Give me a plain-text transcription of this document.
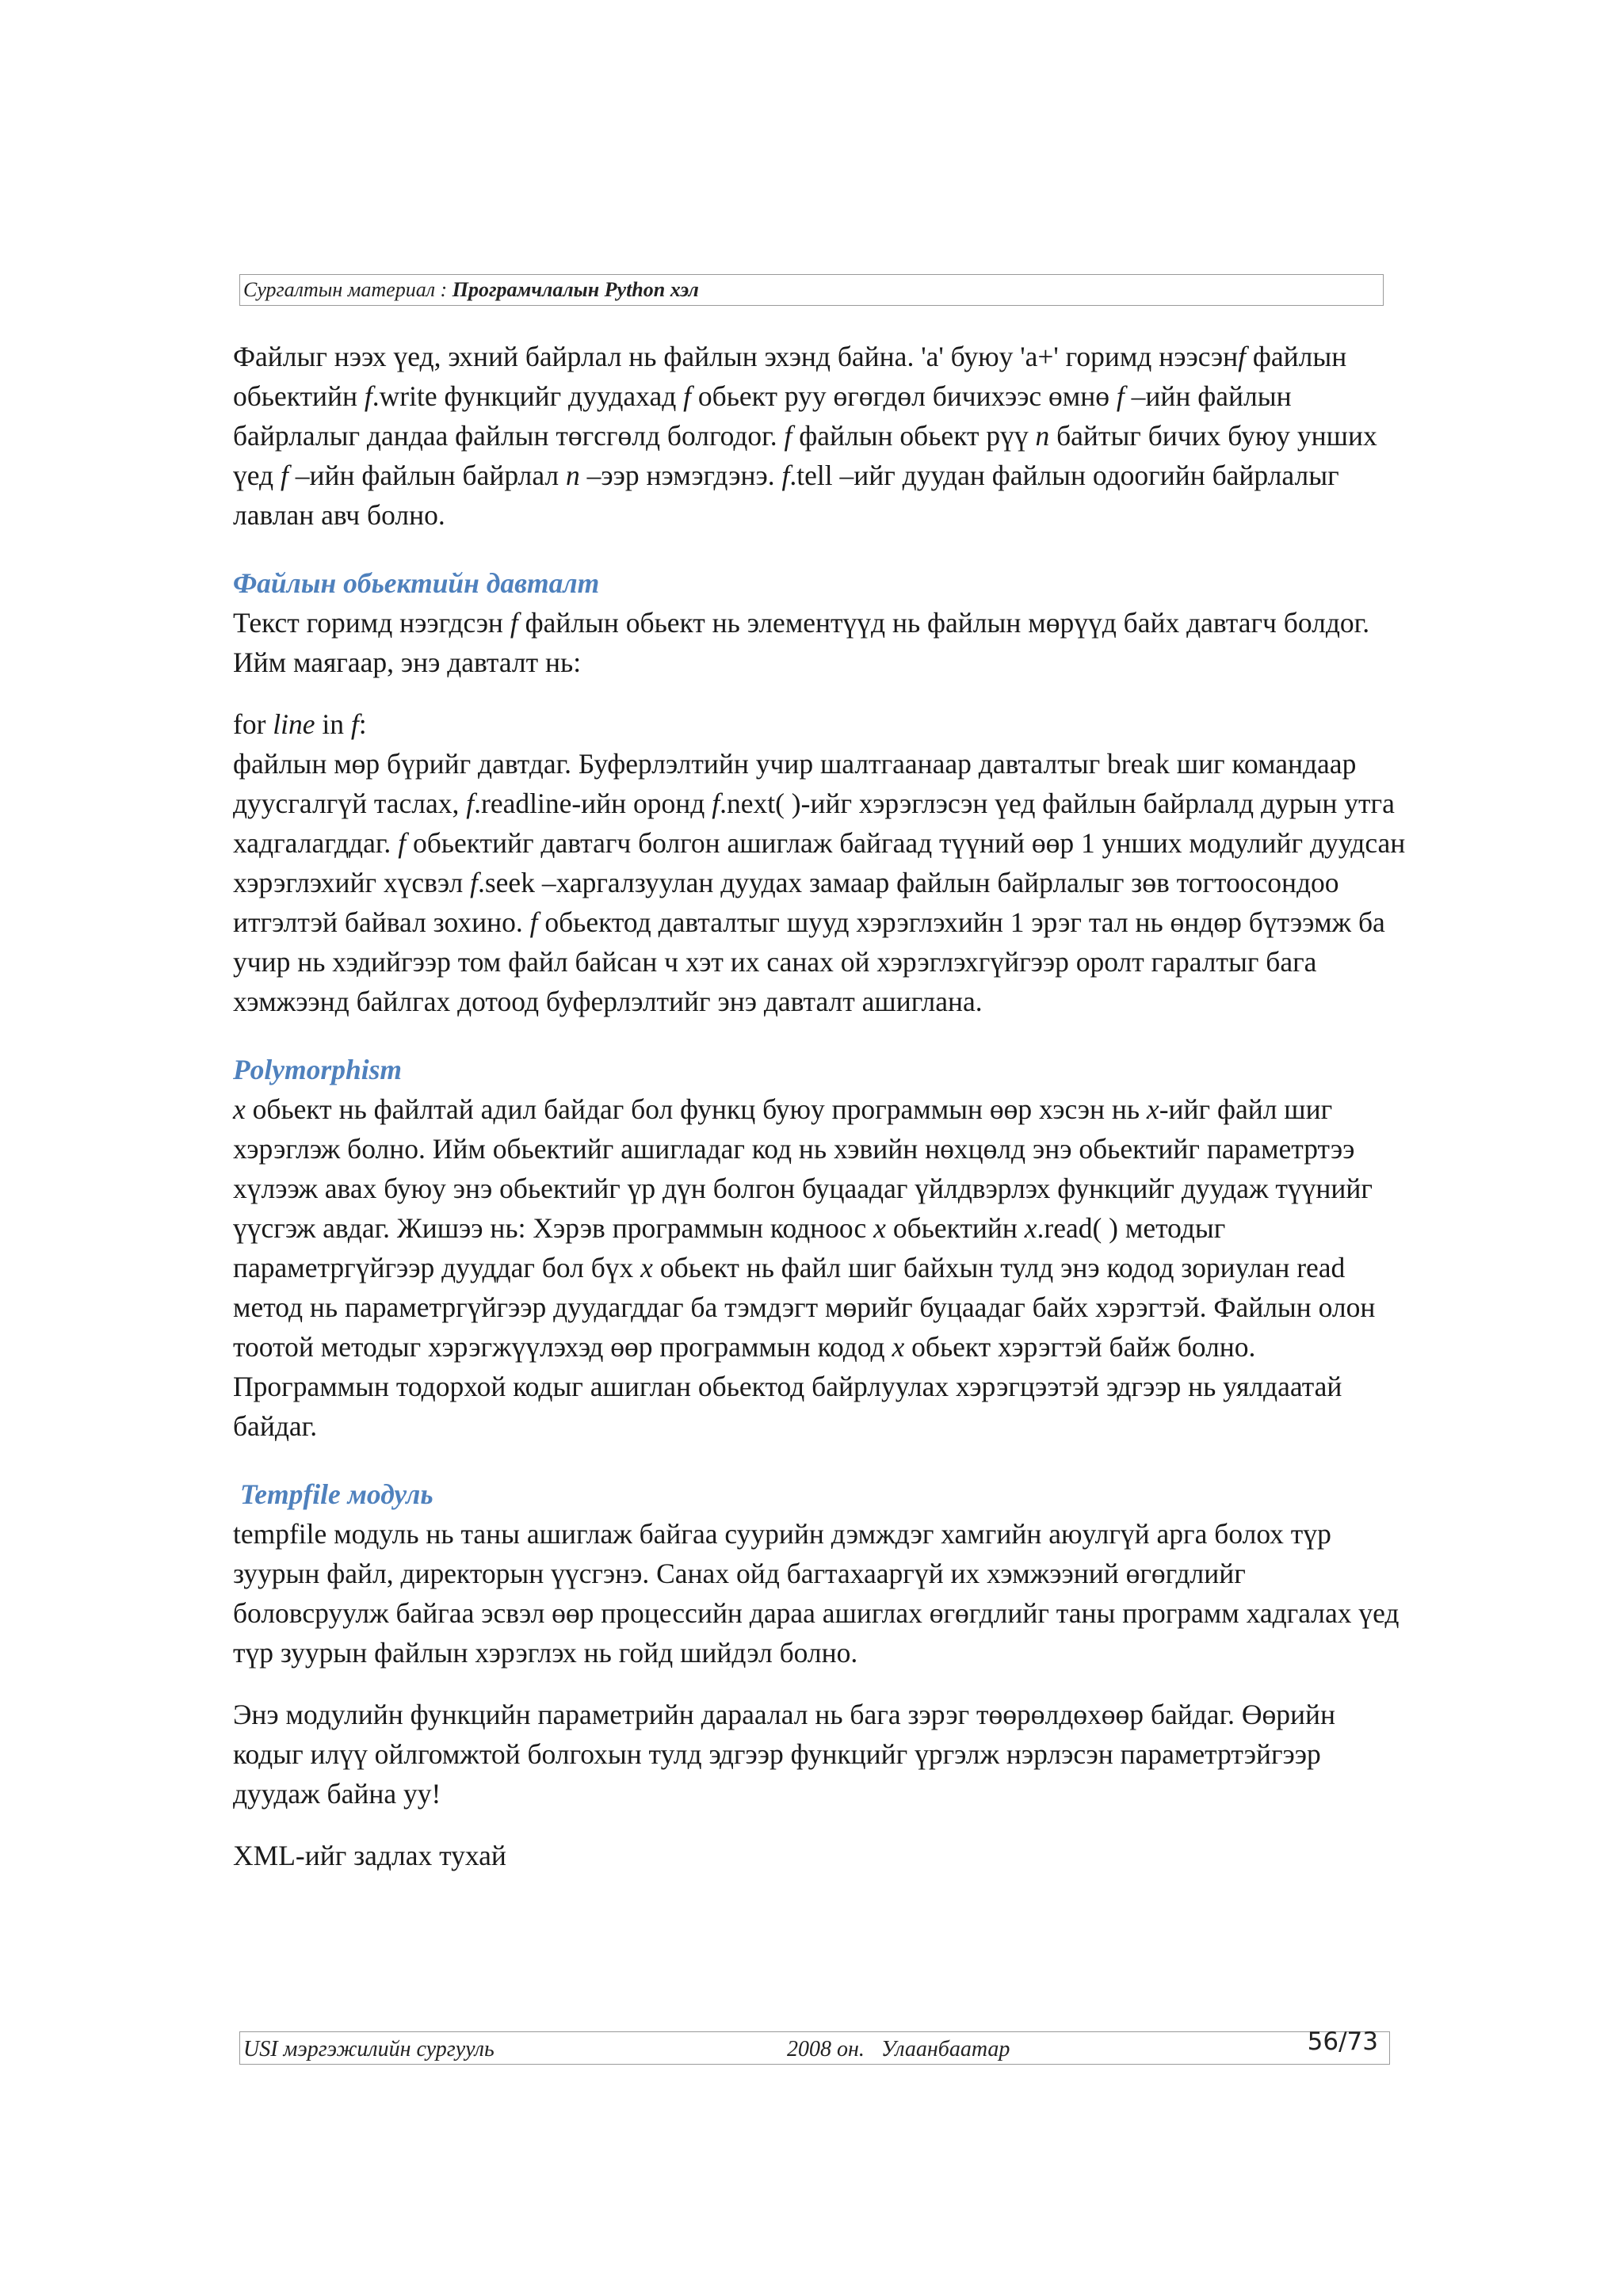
Сургалтын материал : Програмчлалын Python хэл

Файлыг нээх үед, эхний байрлал нь файлын эхэнд байна. 'a' буюу 'a+' горимд нээсэнf файлын обьектийн f.write функцийг дуудахад f обьект руу өгөгдөл бичихээс өмнө f –ийн файлын байрлалыг дандаа файлын төгсгөлд болгодог. f файлын обьект рүү n байтыг бичих буюу унших үед f –ийн файлын байрлал n –ээр нэмэгдэнэ. f.tell –ийг дуудан файлын одоогийн байрлалыг лавлан авч болно.

Файлын обьектийн давталт

Текст горимд нээгдсэн f файлын обьект нь элементүүд нь файлын мөрүүд байх давтагч болдог. Ийм маягаар, энэ давталт нь:

for line in f:

файлын мөр бүрийг давтдаг. Буферлэлтийн учир шалтгаанаар давталтыг break шиг командаар дуусгалгүй таслах, f.readline-ийн оронд f.next( )-ийг хэрэглэсэн үед файлын байрлалд дурын утга хадгалагддаг. f обьектийг давтагч болгон ашиглаж байгаад түүний өөр 1 унших модулийг дуудсан хэрэглэхийг хүсвэл f.seek –харгалзуулан дуудах замаар файлын байрлалыг зөв тогтоосондоо итгэлтэй байвал зохино. f обьектод давталтыг шууд хэрэглэхийн 1 эрэг тал нь өндөр бүтээмж ба учир нь хэдийгээр том файл байсан ч хэт их санах ой хэрэглэхгүйгээр оролт гаралтыг бага хэмжээнд байлгах дотоод буферлэлтийг энэ давталт ашиглана.

Polymorphism

x обьект нь файлтай адил байдаг бол функц буюу программын өөр хэсэн нь x-ийг файл шиг хэрэглэж болно. Ийм обьектийг ашигладаг код нь хэвийн нөхцөлд энэ обьектийг параметртээ хүлээж авах буюу энэ обьектийг үр дүн болгон буцаадаг үйлдвэрлэх функцийг дуудаж түүнийг үүсгэж авдаг. Жишээ нь: Хэрэв программын кодноос x обьектийн x.read( ) методыг параметргүйгээр дууддаг бол бүх x обьект нь файл шиг байхын тулд энэ кодод зориулан read метод нь параметргүйгээр дуудагддаг ба тэмдэгт мөрийг буцаадаг байх хэрэгтэй. Файлын олон тоотой методыг хэрэгжүүлэхэд өөр программын кодод x обьект хэрэгтэй байж болно. Программын тодорхой кодыг ашиглан обьектод байрлуулах хэрэгцээтэй эдгээр нь уялдаатай байдаг.

Tempfile модуль

tempfile модуль нь таны ашиглаж байгаа суурийн дэмждэг хамгийн аюулгүй арга болох түр зуурын файл, директорын үүсгэнэ. Санах ойд багтахааргүй их хэмжээний өгөгдлийг боловсруулж байгаа эсвэл өөр процессийн дараа ашиглах өгөгдлийг таны программ хадгалах үед түр зуурын файлын хэрэглэх нь гойд шийдэл болно.

Энэ модулийн функцийн параметрийн дараалал нь бага зэрэг төөрөлдөхөөр байдаг. Өөрийн кодыг илүү ойлгомжтой болгохын тулд эдгээр функцийг үргэлж нэрлэсэн параметртэйгээр дуудаж байна уу!

XML-ийг задлах тухай

USI мэргэжилийн сургууль	2008 он.   Улаанбаатар	56/73
